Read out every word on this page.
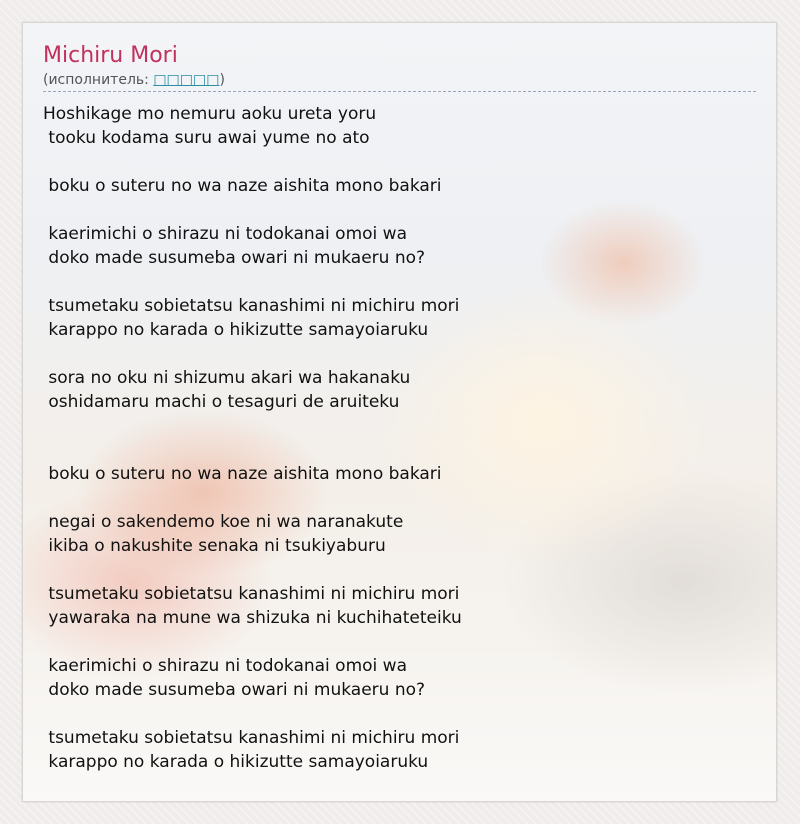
Michiru Mori
(исполнитель: □□□□□)
Hoshikage mo nemuru aoku ureta yoru
tooku kodama suru awai yume no ato
boku o suteru no wa naze aishita mono bakari
kaerimichi o shirazu ni todokanai omoi wa
doko made susumeba owari ni mukaeru no?
tsumetaku sobietatsu kanashimi ni michiru mori
karappo no karada o hikizutte samayoiaruku
sora no oku ni shizumu akari wa hakanaku
oshidamaru machi o tesaguri de aruiteku
boku o suteru no wa naze aishita mono bakari
negai o sakendemo koe ni wa naranakute
ikiba o nakushite senaka ni tsukiyaburu
tsumetaku sobietatsu kanashimi ni michiru mori
yawaraka na mune wa shizuka ni kuchihateteiku
kaerimichi o shirazu ni todokanai omoi wa
doko made susumeba owari ni mukaeru no?
tsumetaku sobietatsu kanashimi ni michiru mori
karappo no karada o hikizutte samayoiaruku
